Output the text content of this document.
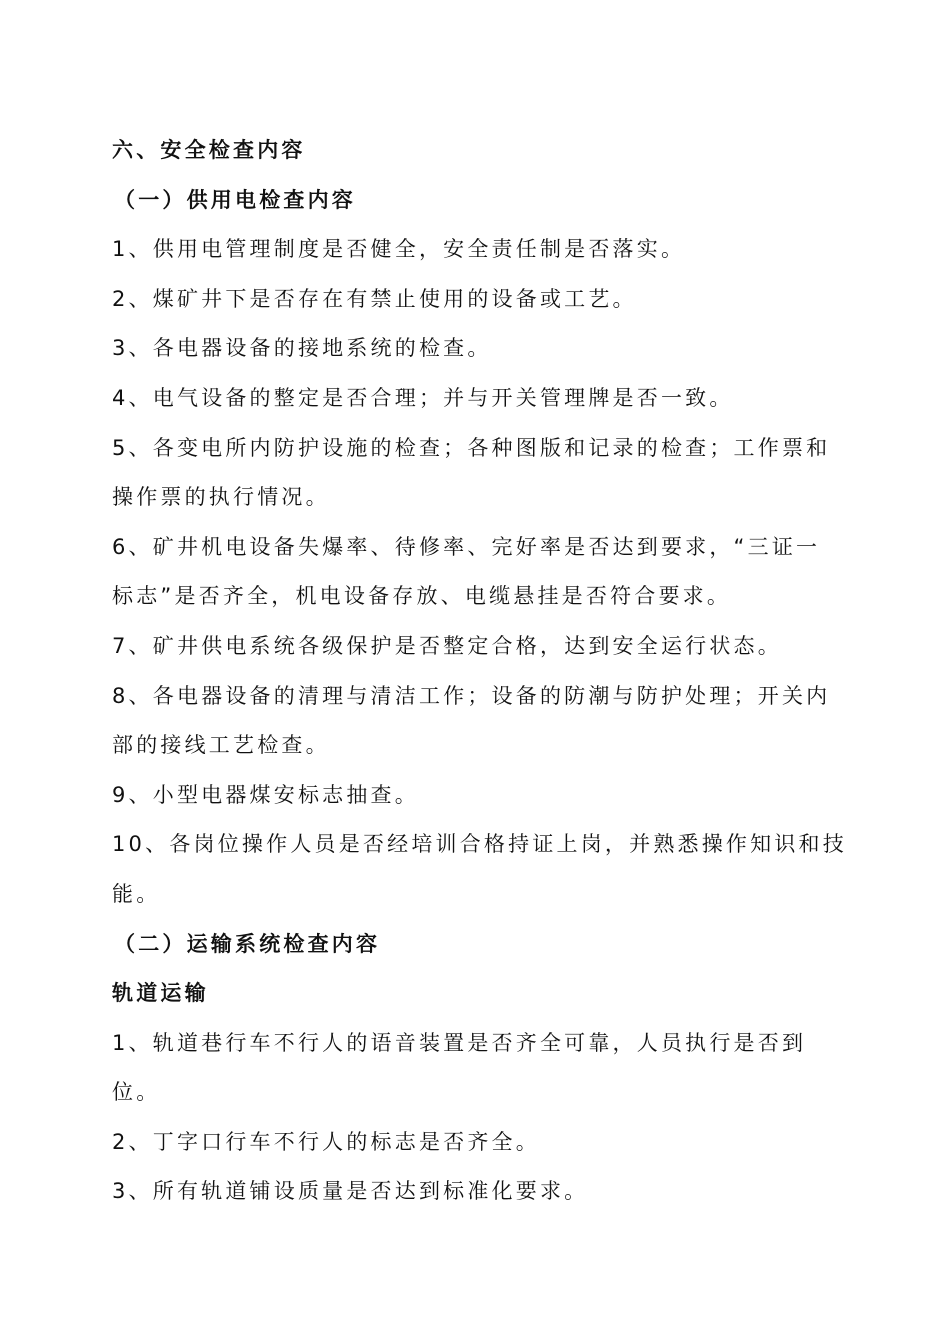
六、安全检查内容
（一）供用电检查内容
1、供用电管理制度是否健全，安全责任制是否落实。
2、煤矿井下是否存在有禁止使用的设备或工艺。
3、各电器设备的接地系统的检查。
4、电气设备的整定是否合理；并与开关管理牌是否一致。
5、各变电所内防护设施的检查；各种图版和记录的检查；工作票和
操作票的执行情况。
6、矿井机电设备失爆率、待修率、完好率是否达到要求，“三证一
标志”是否齐全，机电设备存放、电缆悬挂是否符合要求。
7、矿井供电系统各级保护是否整定合格，达到安全运行状态。
8、各电器设备的清理与清洁工作；设备的防潮与防护处理；开关内
部的接线工艺检查。
9、小型电器煤安标志抽查。
10、各岗位操作人员是否经培训合格持证上岗，并熟悉操作知识和技
能。
（二）运输系统检查内容
轨道运输
1、轨道巷行车不行人的语音装置是否齐全可靠，人员执行是否到
位。
2、丁字口行车不行人的标志是否齐全。
3、所有轨道铺设质量是否达到标准化要求。
